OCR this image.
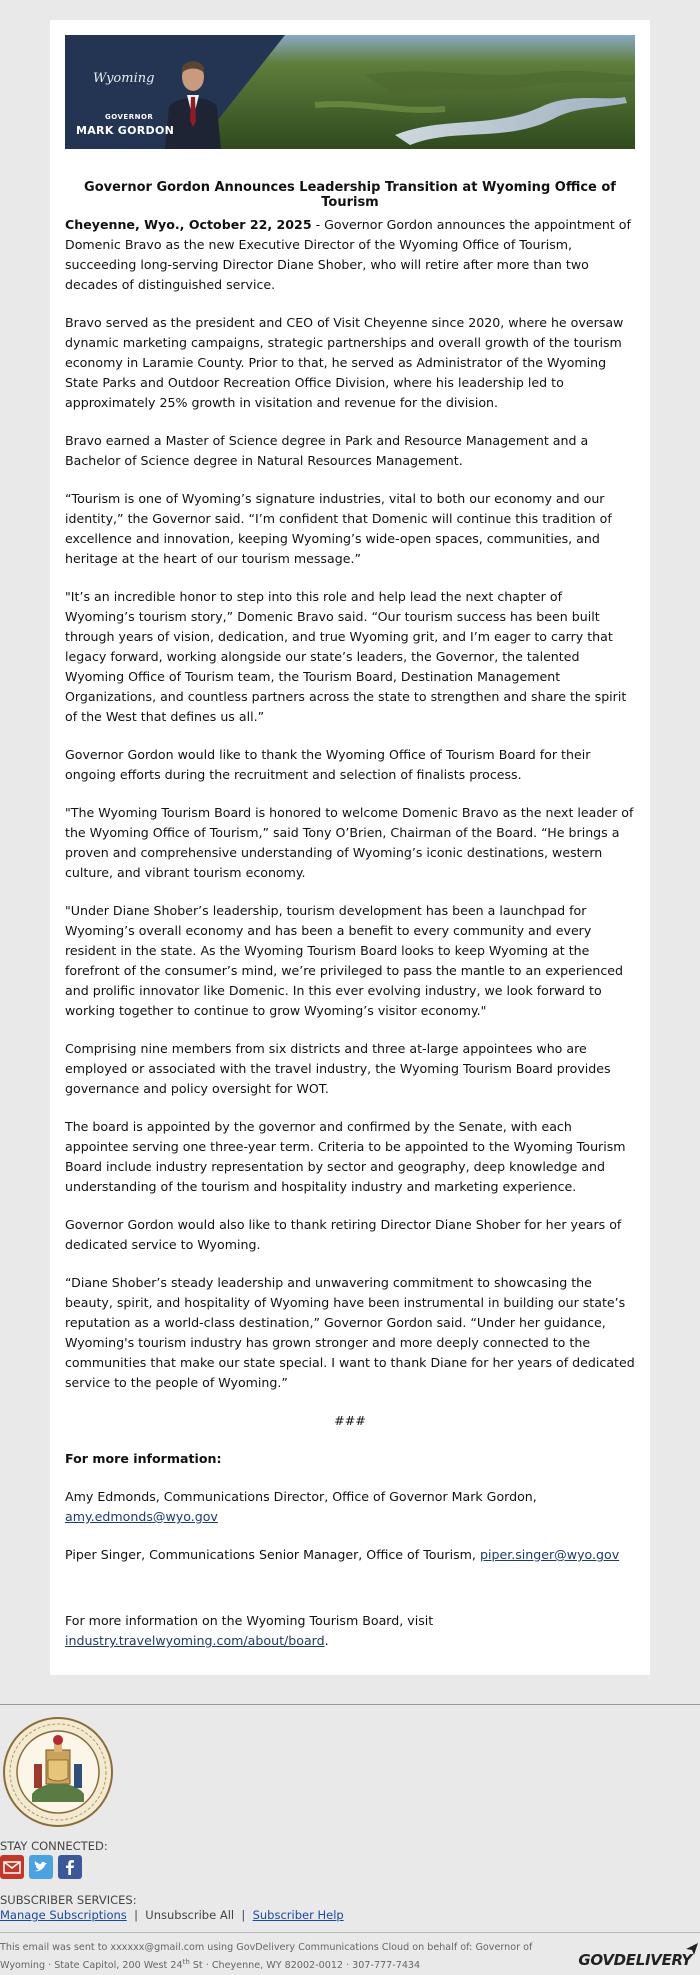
Wyoming
GOVERNOR
MARK GORDON
Governor Gordon Announces Leadership Transition at Wyoming Office of Tourism

Cheyenne, Wyo., October 22, 2025 - Governor Gordon announces the appointment of Domenic Bravo as the new Executive Director of the Wyoming Office of Tourism, succeeding long-serving Director Diane Shober, who will retire after more than two decades of distinguished service.

Bravo served as the president and CEO of Visit Cheyenne since 2020, where he oversaw dynamic marketing campaigns, strategic partnerships and overall growth of the tourism economy in Laramie County. Prior to that, he served as Administrator of the Wyoming State Parks and Outdoor Recreation Office Division, where his leadership led to approximately 25% growth in visitation and revenue for the division.

Bravo earned a Master of Science degree in Park and Resource Management and a Bachelor of Science degree in Natural Resources Management.

“Tourism is one of Wyoming’s signature industries, vital to both our economy and our identity,” the Governor said. “I’m confident that Domenic will continue this tradition of excellence and innovation, keeping Wyoming’s wide-open spaces, communities, and heritage at the heart of our tourism message.”

"It’s an incredible honor to step into this role and help lead the next chapter of Wyoming’s tourism story,” Domenic Bravo said. “Our tourism success has been built through years of vision, dedication, and true Wyoming grit, and I’m eager to carry that legacy forward, working alongside our state’s leaders, the Governor, the talented Wyoming Office of Tourism team, the Tourism Board, Destination Management Organizations, and countless partners across the state to strengthen and share the spirit of the West that defines us all.”

Governor Gordon would like to thank the Wyoming Office of Tourism Board for their ongoing efforts during the recruitment and selection of finalists process.

"The Wyoming Tourism Board is honored to welcome Domenic Bravo as the next leader of the Wyoming Office of Tourism,” said Tony O’Brien, Chairman of the Board. “He brings a proven and comprehensive understanding of Wyoming’s iconic destinations, western culture, and vibrant tourism economy.

"Under Diane Shober’s leadership, tourism development has been a launchpad for Wyoming’s overall economy and has been a benefit to every community and every resident in the state. As the Wyoming Tourism Board looks to keep Wyoming at the forefront of the consumer’s mind, we’re privileged to pass the mantle to an experienced and prolific innovator like Domenic. In this ever evolving industry, we look forward to working together to continue to grow Wyoming’s visitor economy."

Comprising nine members from six districts and three at-large appointees who are employed or associated with the travel industry, the Wyoming Tourism Board provides governance and policy oversight for WOT.

The board is appointed by the governor and confirmed by the Senate, with each appointee serving one three-year term. Criteria to be appointed to the Wyoming Tourism Board include industry representation by sector and geography, deep knowledge and understanding of the tourism and hospitality industry and marketing experience.

Governor Gordon would also like to thank retiring Director Diane Shober for her years of dedicated service to Wyoming.

“Diane Shober’s steady leadership and unwavering commitment to showcasing the beauty, spirit, and hospitality of Wyoming have been instrumental in building our state’s reputation as a world-class destination,” Governor Gordon said. “Under her guidance, Wyoming's tourism industry has grown stronger and more deeply connected to the communities that make our state special. I want to thank Diane for her years of dedicated service to the people of Wyoming.”

###

For more information:

Amy Edmonds, Communications Director, Office of Governor Mark Gordon,
amy.edmonds@wyo.gov

Piper Singer, Communications Senior Manager, Office of Tourism, piper.singer@wyo.gov

For more information on the Wyoming Tourism Board, visit
industry.travelwyoming.com/about/board.

STAY CONNECTED:
SUBSCRIBER SERVICES:
Manage Subscriptions  |  Unsubscribe All  |  Subscriber Help
This email was sent to xxxxxx@gmail.com using GovDelivery Communications Cloud on behalf of: Governor of Wyoming · State Capitol, 200 West 24th St · Cheyenne, WY 82002-0012 · 307-777-7434	GOVDELIVERY
